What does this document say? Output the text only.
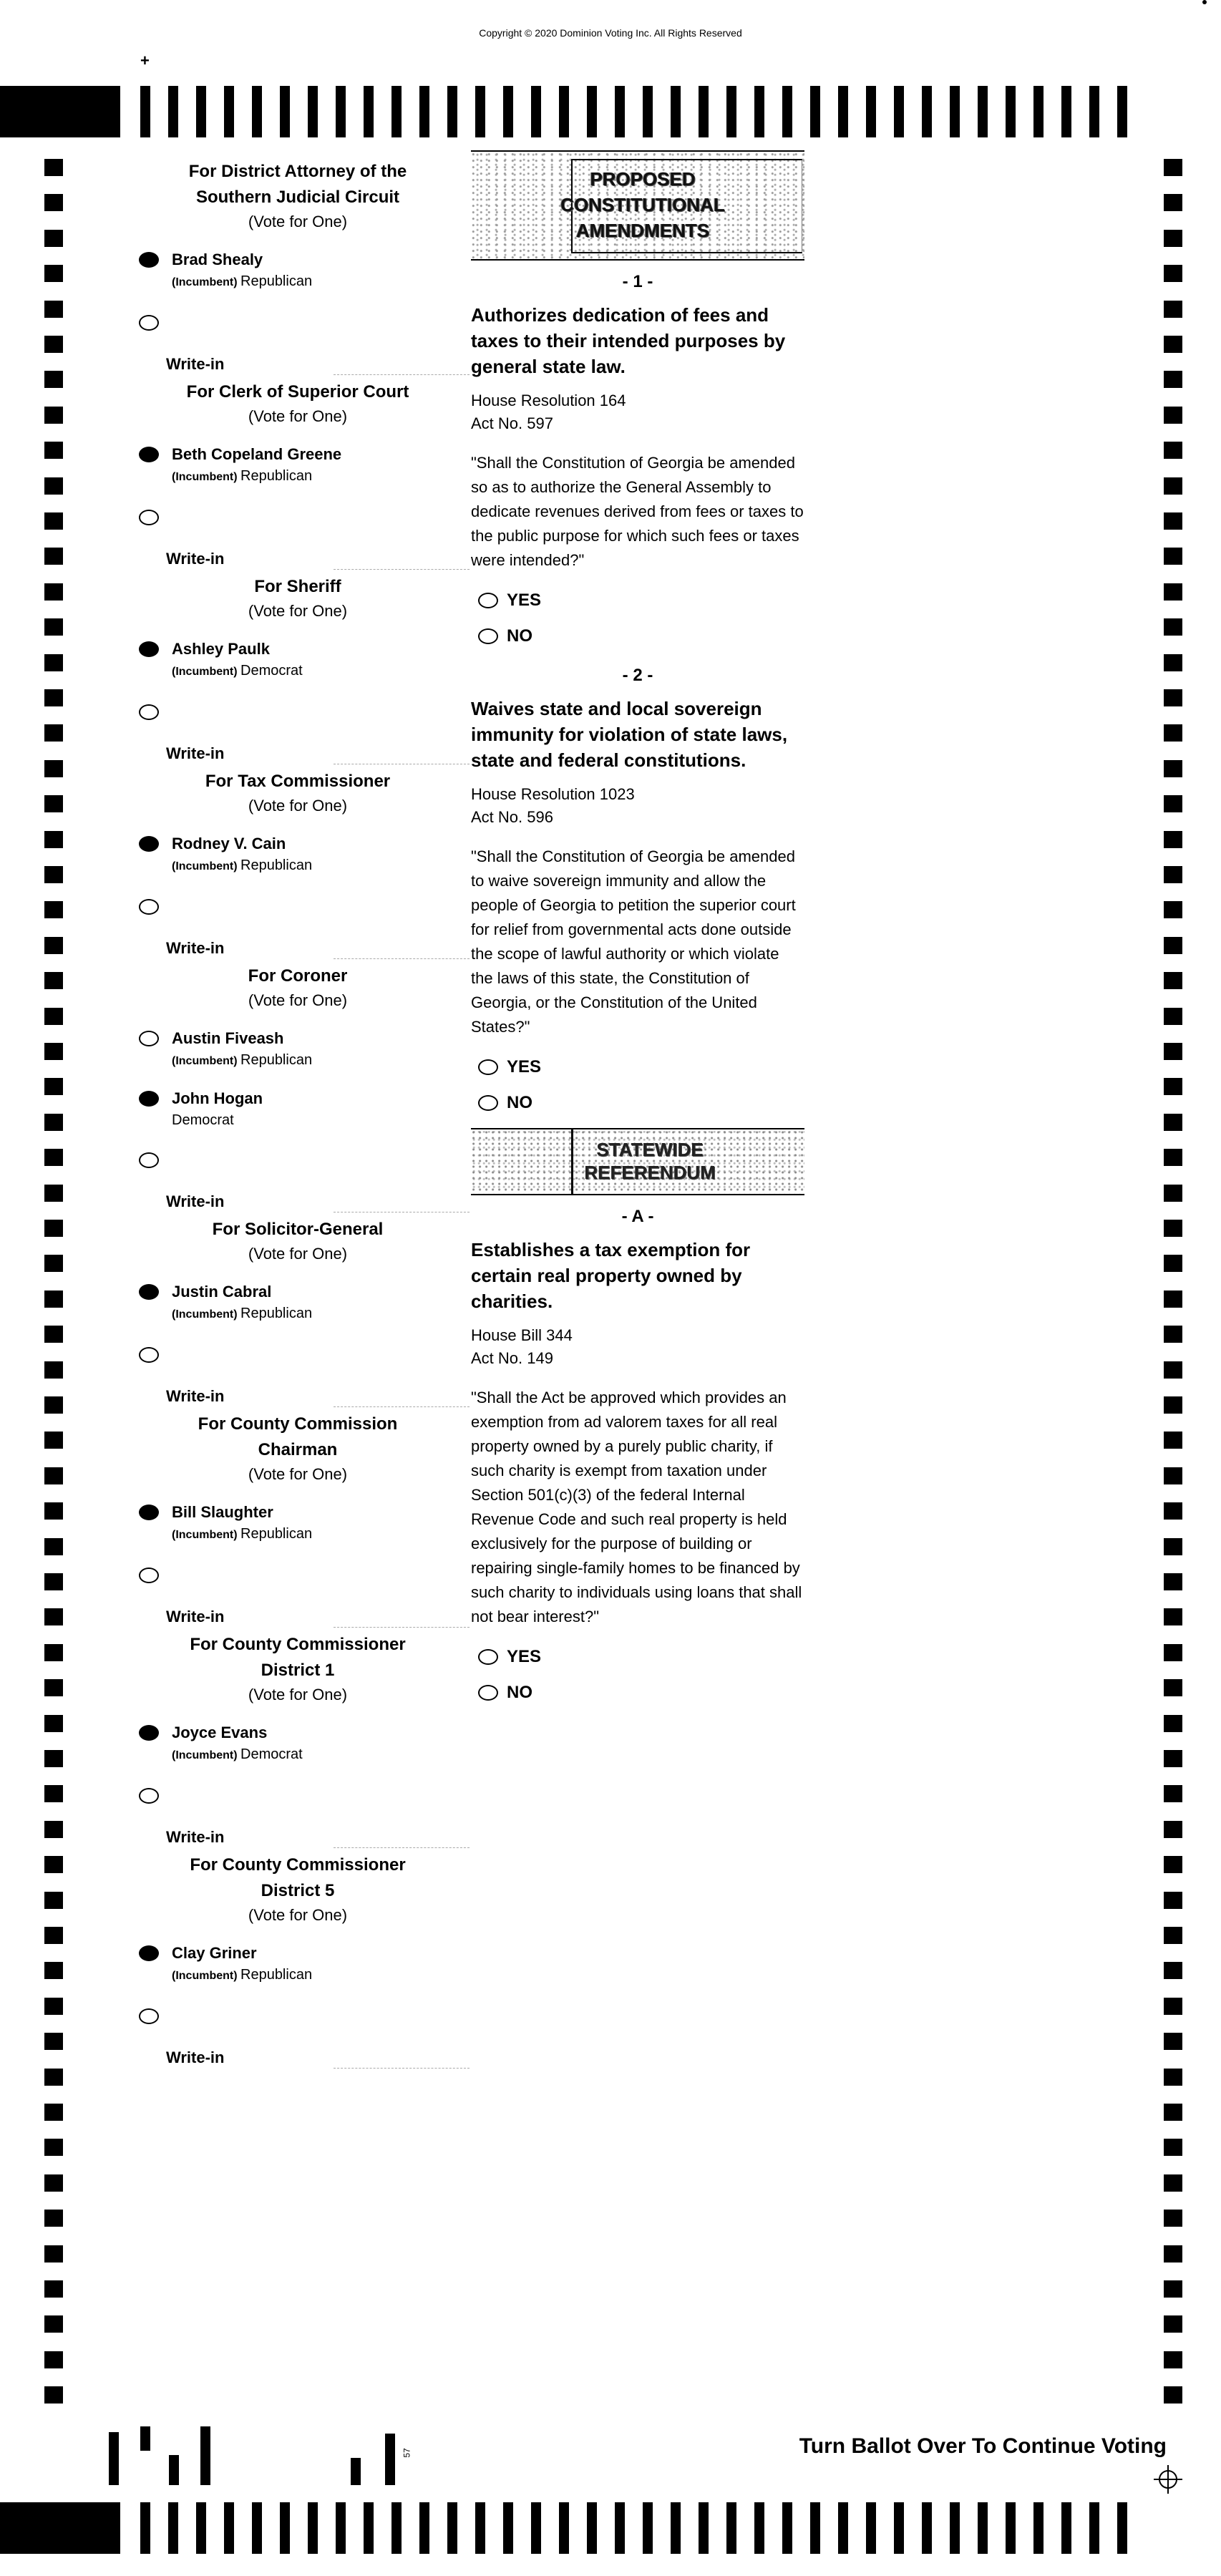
Copyright © 2020 Dominion Voting Inc. All Rights Reserved
+
For District Attorney of the
Southern Judicial Circuit
(Vote for One)
Brad Shealy
(Incumbent) Republican
Write-in
For Clerk of Superior Court
(Vote for One)
Beth Copeland Greene
(Incumbent) Republican
Write-in
For Sheriff
(Vote for One)
Ashley Paulk
(Incumbent) Democrat
Write-in
For Tax Commissioner
(Vote for One)
Rodney V. Cain
(Incumbent) Republican
Write-in
For Coroner
(Vote for One)
Austin Fiveash
(Incumbent) Republican
John Hogan
Democrat
Write-in
For Solicitor-General
(Vote for One)
Justin Cabral
(Incumbent) Republican
Write-in
For County Commission
Chairman
(Vote for One)
Bill Slaughter
(Incumbent) Republican
Write-in
For County Commissioner
District 1
(Vote for One)
Joyce Evans
(Incumbent) Democrat
Write-in
For County Commissioner
District 5
(Vote for One)
Clay Griner
(Incumbent) Republican
Write-in
PROPOSED
CONSTITUTIONAL
AMENDMENTS
- 1 -
Authorizes dedication of fees and taxes to their intended purposes by general state law.
House Resolution 164
Act No. 597
"Shall the Constitution of Georgia be amended so as to authorize the General Assembly to dedicate revenues derived from fees or taxes to the public purpose for which such fees or taxes were intended?"
YES
NO
- 2 -
Waives state and local sovereign immunity for violation of state laws, state and federal constitutions.
House Resolution 1023
Act No. 596
"Shall the Constitution of Georgia be amended to waive sovereign immunity and allow the people of Georgia to petition the superior court for relief from governmental acts done outside the scope of lawful authority or which violate the laws of this state, the Constitution of Georgia, or the Constitution of the United States?"
YES
NO
STATEWIDE
REFERENDUM
- A -
Establishes a tax exemption for certain real property owned by charities.
House Bill 344
Act No. 149
"Shall the Act be approved which provides an exemption from ad valorem taxes for all real property owned by a purely public charity, if such charity is exempt from taxation under Section 501(c)(3) of the federal Internal Revenue Code and such real property is held exclusively for the purpose of building or repairing single-family homes to be financed by such charity to individuals using loans that shall not bear interest?"
YES
NO
57	Turn Ballot Over To Continue Voting
